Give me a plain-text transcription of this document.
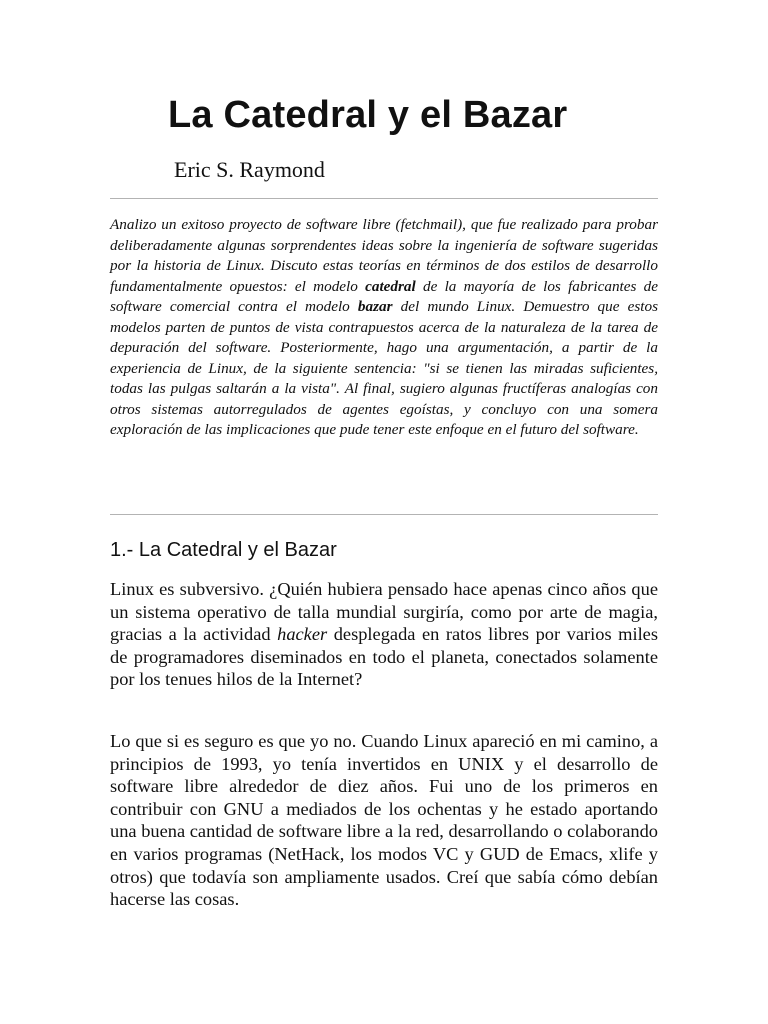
La Catedral y el Bazar
Eric S. Raymond

Analizo un exitoso proyecto de software libre (fetchmail), que fue realizado para probar deliberadamente algunas sorprendentes ideas sobre la ingeniería de software sugeridas por la historia de Linux. Discuto estas teorías en términos de dos estilos de desarrollo fundamentalmente opuestos: el modelo catedral de la mayoría de los fabricantes de software comercial contra el modelo bazar del mundo Linux. Demuestro que estos modelos parten de puntos de vista contrapuestos acerca de la naturaleza de la tarea de depuración del software. Posteriormente, hago una argumentación, a partir de la experiencia de Linux, de la siguiente sentencia: "si se tienen las miradas suficientes, todas las pulgas saltarán a la vista". Al final, sugiero algunas fructíferas analogías con otros sistemas autorregulados de agentes egoístas, y concluyo con una somera exploración de las implicaciones que pude tener este enfoque en el futuro del software.

1.- La Catedral y el Bazar

Linux es subversivo. ¿Quién hubiera pensado hace apenas cinco años que un sistema operativo de talla mundial surgiría, como por arte de magia, gracias a la actividad hacker desplegada en ratos libres por varios miles de programadores diseminados en todo el planeta, conectados solamente por los tenues hilos de la Internet?

Lo que si es seguro es que yo no. Cuando Linux apareció en mi camino, a principios de 1993, yo tenía invertidos en UNIX y el desarrollo de software libre alrededor de diez años. Fui uno de los primeros en contribuir con GNU a mediados de los ochentas y he estado aportando una buena cantidad de software libre a la red, desarrollando o colaborando en varios programas (NetHack, los modos VC y GUD de Emacs, xlife y otros) que todavía son ampliamente usados. Creí que sabía cómo debían hacerse las cosas.
